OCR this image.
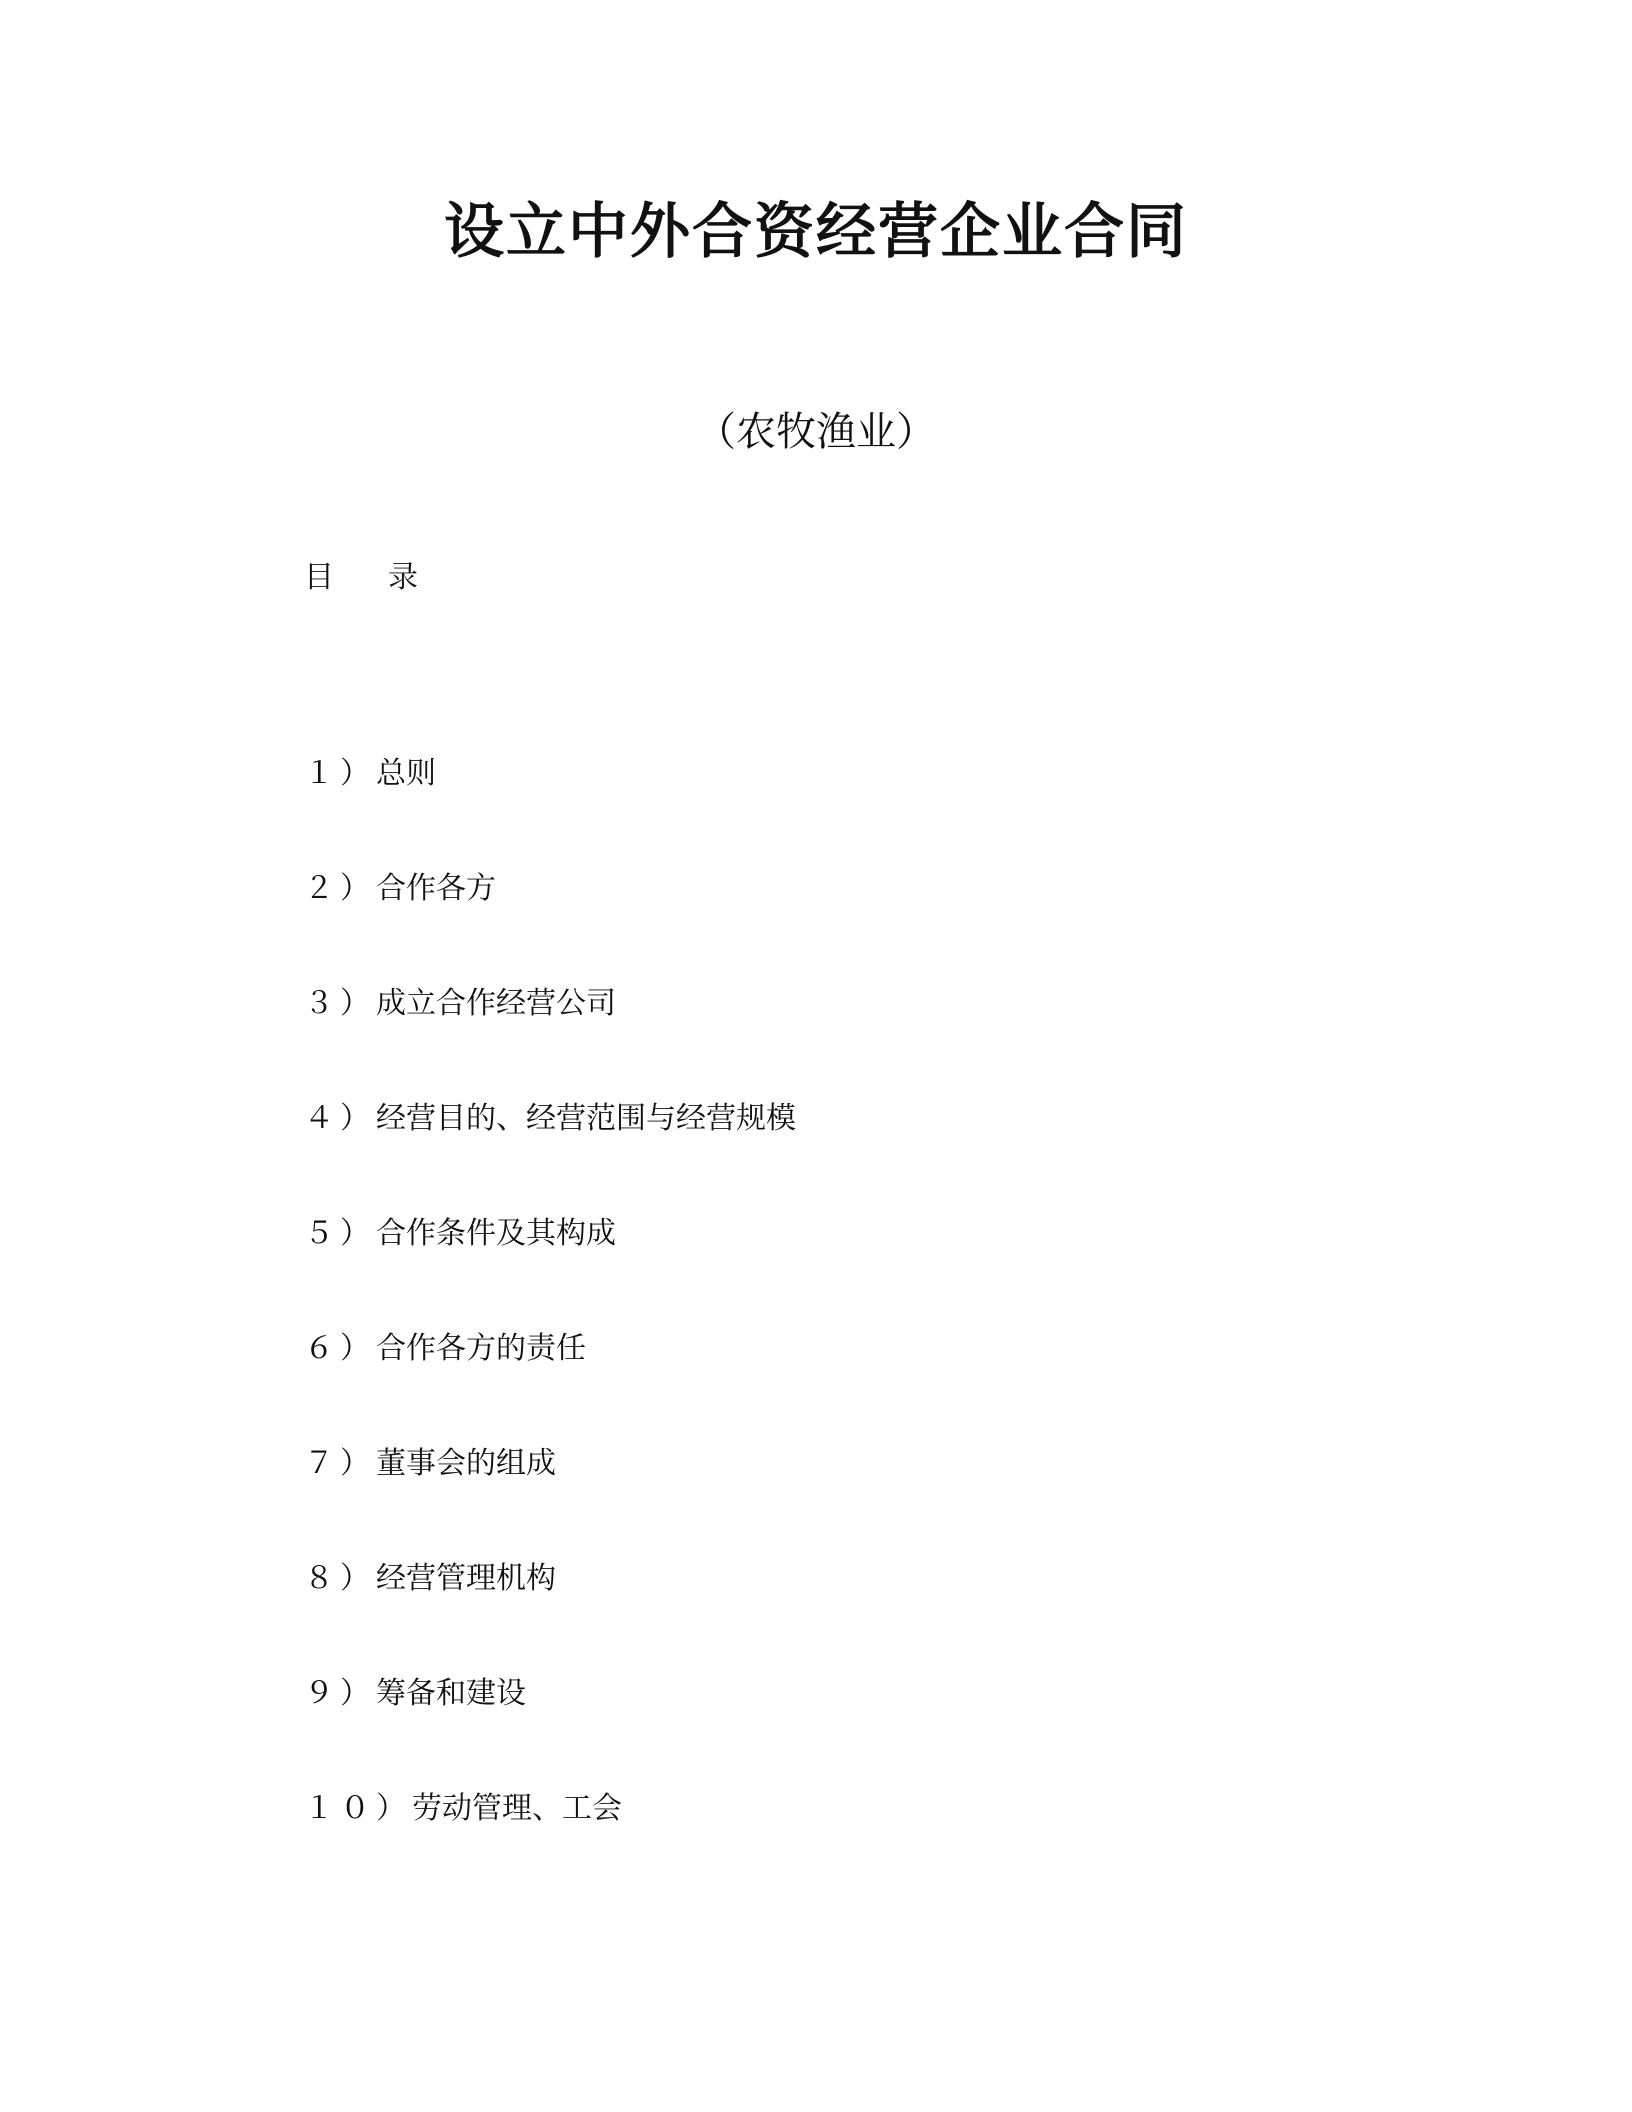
设立中外合资经营企业合同
（农牧渔业）
目 录
１） 总则
２） 合作各方
３） 成立合作经营公司
４） 经营目的、经营范围与经营规模
５） 合作条件及其构成
６） 合作各方的责任
７） 董事会的组成
８） 经营管理机构
９） 筹备和建设
１０） 劳动管理、工会
